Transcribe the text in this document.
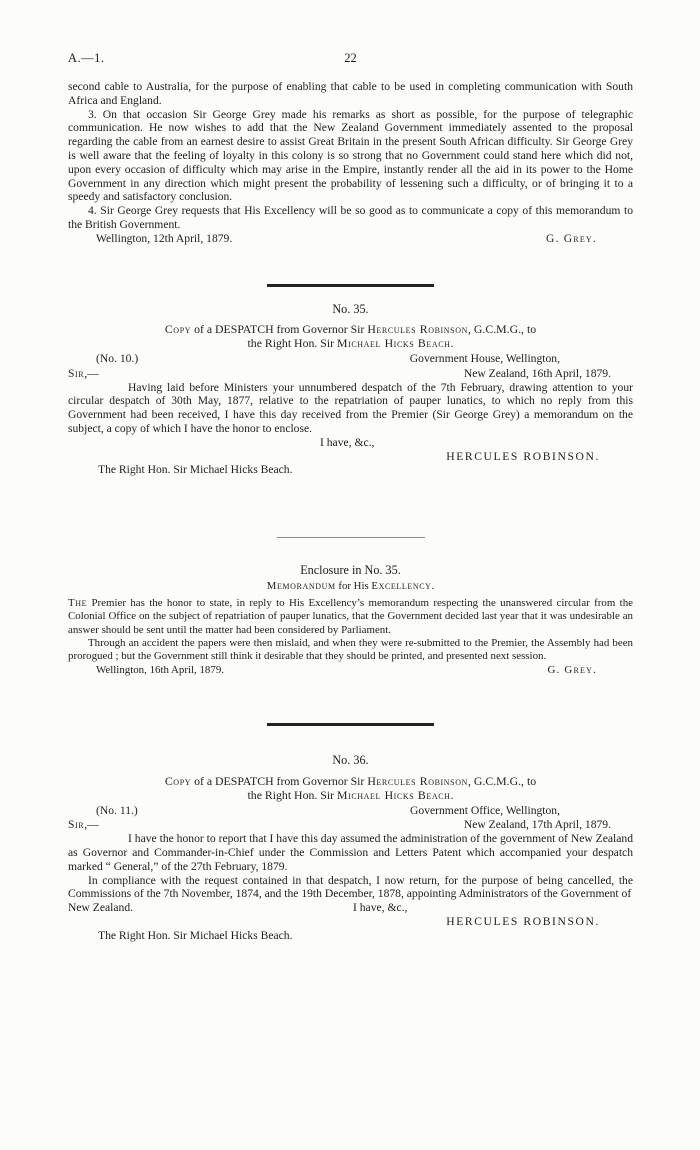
A.—1.	22

second cable to Australia, for the purpose of enabling that cable to be used in completing communication with South Africa and England.

3. On that occasion Sir George Grey made his remarks as short as possible, for the purpose of telegraphic communication. He now wishes to add that the New Zealand Government immediately assented to the proposal regarding the cable from an earnest desire to assist Great Britain in the present South African difficulty. Sir George Grey is well aware that the feeling of loyalty in this colony is so strong that no Government could stand here which did not, upon every occasion of difficulty which may arise in the Empire, instantly render all the aid in its power to the Home Government in any direction which might present the probability of lessening such a difficulty, or of bringing it to a speedy and satisfactory conclusion.

4. Sir George Grey requests that His Excellency will be so good as to communicate a copy of this memorandum to the British Government.

Wellington, 12th April, 1879.	G. Grey.
No. 35.
Copy of a DESPATCH from Governor Sir Hercules Robinson, G.C.M.G., to
the Right Hon. Sir Michael Hicks Beach.
(No. 10.)	Government House, Wellington,
Sir,—	New Zealand, 16th April, 1879.

Having laid before Ministers your unnumbered despatch of the 7th February, drawing attention to your circular despatch of 30th May, 1877, relative to the repatriation of pauper lunatics, to which no reply from this Government had been received, I have this day received from the Premier (Sir George Grey) a memorandum on the subject, a copy of which I have the honor to enclose.

I have, &c.,
HERCULES ROBINSON.
The Right Hon. Sir Michael Hicks Beach.
Enclosure in No. 35.
Memorandum for His Excellency.

The Premier has the honor to state, in reply to His Excellency’s memorandum respecting the unanswered circular from the Colonial Office on the subject of repatriation of pauper lunatics, that the Government decided last year that it was undesirable an answer should be sent until the matter had been considered by Parliament.

Through an accident the papers were then mislaid, and when they were re-submitted to the Premier, the Assembly had been prorogued ; but the Government still think it desirable that they should be printed, and presented next session.

Wellington, 16th April, 1879.	G. Grey.
No. 36.
Copy of a DESPATCH from Governor Sir Hercules Robinson, G.C.M.G., to
the Right Hon. Sir Michael Hicks Beach.
(No. 11.)	Government Office, Wellington,
Sir,—	New Zealand, 17th April, 1879.

I have the honor to report that I have this day assumed the administration of the government of New Zealand as Governor and Commander-in-Chief under the Commission and Letters Patent which accompanied your despatch marked “ General,” of the 27th February, 1879.

In compliance with the request contained in that despatch, I now return, for the purpose of being cancelled, the Commissions of the 7th November, 1874, and the 19th December, 1878, appointing Administrators of the Government of

New Zealand.	I have, &c.,
HERCULES ROBINSON.
The Right Hon. Sir Michael Hicks Beach.
